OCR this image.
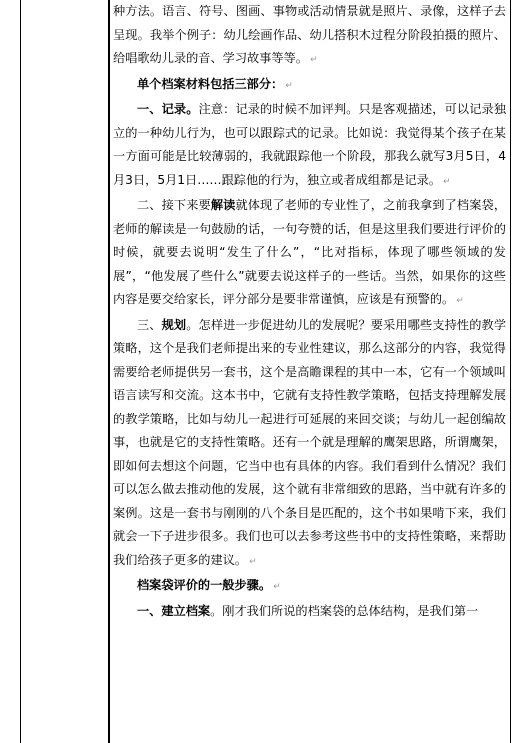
种方法。语言、符号、图画、事物或活动情景就是照片、录像，这样子去呈现。我举个例子：幼儿绘画作品、幼儿搭积木过程分阶段拍摄的照片、给唱歌幼儿录的音、学习故事等等。 ↵

单个档案材料包括三部分： ↵

一、记录。注意：记录的时候不加评判。只是客观描述，可以记录独立的一种幼儿行为，也可以跟踪式的记录。比如说：我觉得某个孩子在某一方面可能是比较薄弱的，我就跟踪他一个阶段，那我么就写3月5日，4月3日，5月1日……跟踪他的行为，独立或者成组都是记录。 ↵

二、接下来要解读就体现了老师的专业性了，之前我拿到了档案袋，老师的解读是一句鼓励的话，一句夸赞的话，但是这里我们要进行评价的时候，就要去说明“发生了什么”，“比对指标，体现了哪些领域的发展”，“他发展了些什么”就要去说这样子的一些话。当然，如果你的这些内容是要交给家长，评分部分是要非常谨慎，应该是有预警的。 ↵

三、规划。怎样进一步促进幼儿的发展呢？要采用哪些支持性的教学策略，这个是我们老师提出来的专业性建议，那么这部分的内容，我觉得需要给老师提供另一套书，这个是高瞻课程的其中一本，它有一个领域叫语言读写和交流。这本书中，它就有支持性教学策略，包括支持理解发展的教学策略，比如与幼儿一起进行可延展的来回交谈；与幼儿一起创编故事，也就是它的支持性策略。还有一个就是理解的鹰架思路，所谓鹰架，即如何去想这个问题，它当中也有具体的内容。我们看到什么情况？我们可以怎么做去推动他的发展，这个就有非常细致的思路，当中就有许多的案例。这是一套书与刚刚的八个条目是匹配的，这个书如果啃下来，我们就会一下子进步很多。我们也可以去参考这些书中的支持性策略，来帮助我们给孩子更多的建议。 ↵

档案袋评价的一般步骤。 ↵

一、建立档案。刚才我们所说的档案袋的总体结构，是我们第一
